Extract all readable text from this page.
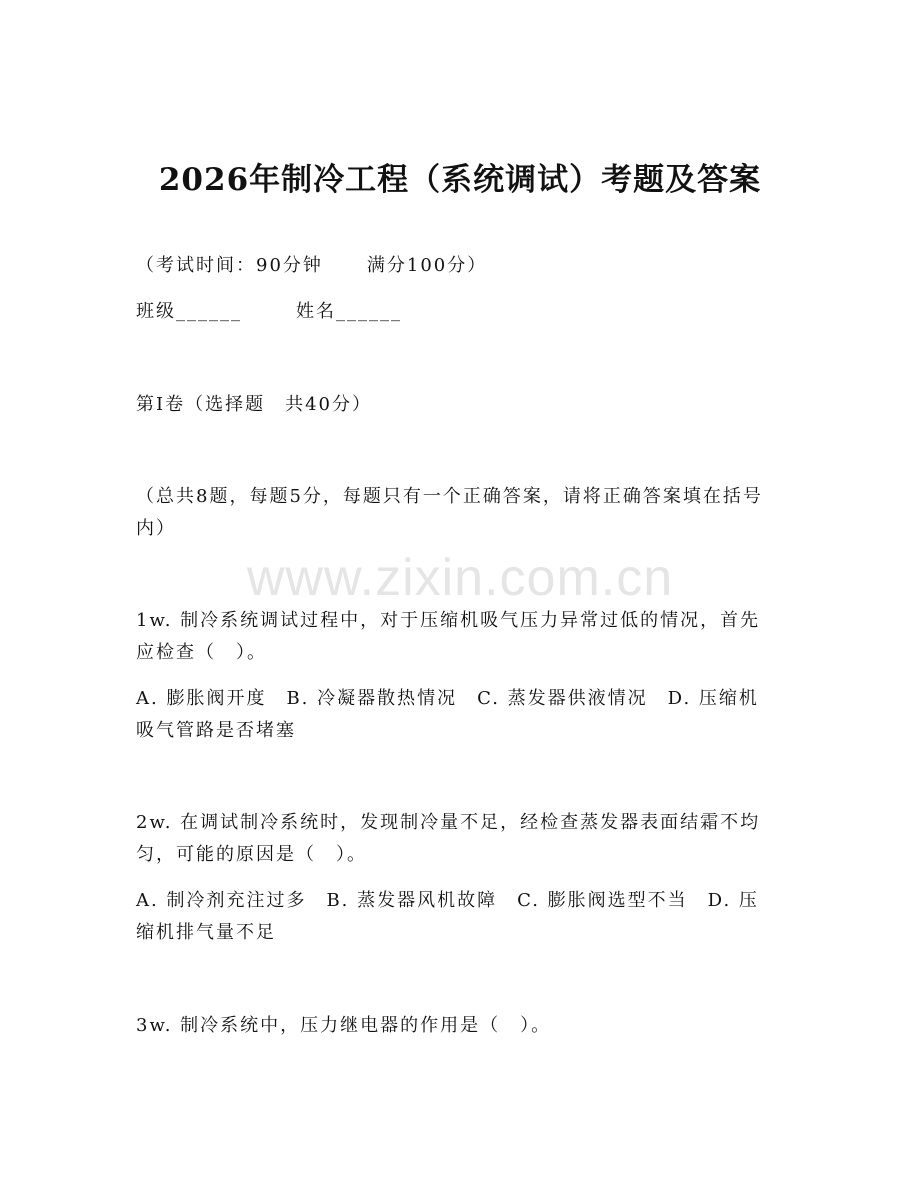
2026年制冷工程（系统调试）考题及答案
（考试时间：90分钟 满分100分）
班级______	姓名______
第I卷（选择题　共40分）
（总共8题，每题5分，每题只有一个正确答案，请将正确答案填在括号内）
www.zixin.com.cn
1w. 制冷系统调试过程中，对于压缩机吸气压力异常过低的情况，首先应检查（　）。
A. 膨胀阀开度　B. 冷凝器散热情况　C. 蒸发器供液情况　D. 压缩机吸气管路是否堵塞
2w. 在调试制冷系统时，发现制冷量不足，经检查蒸发器表面结霜不均匀，可能的原因是（　）。
A. 制冷剂充注过多　B. 蒸发器风机故障　C. 膨胀阀选型不当　D. 压缩机排气量不足
3w. 制冷系统中，压力继电器的作用是（　）。
